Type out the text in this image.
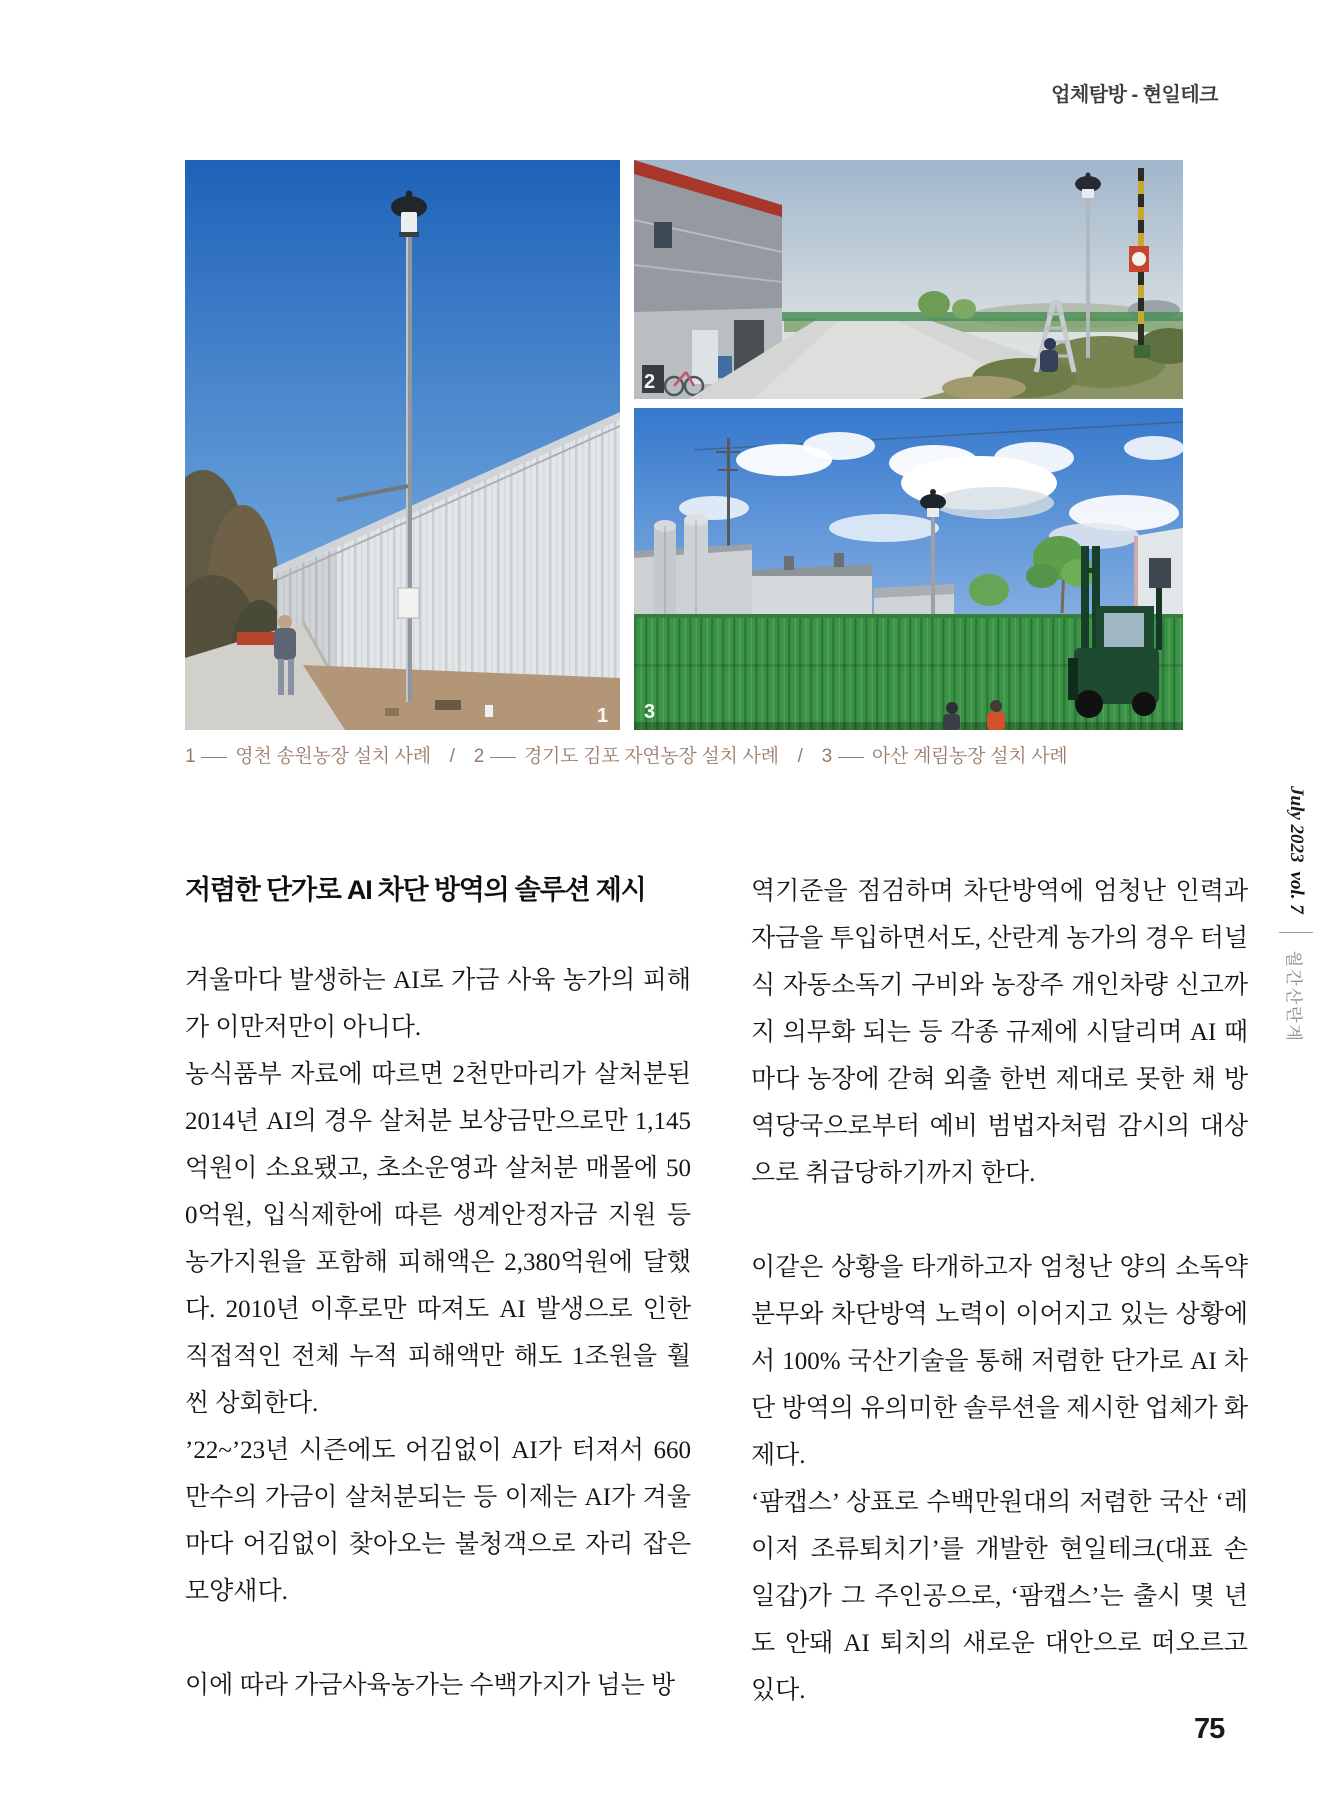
업체탐방 - 현일테크
1
2
3
1 영천 송원농장 설치 사례 / 2 경기도 김포 자연농장 설치 사례 / 3 아산 계림농장 설치 사례
July 2023
vol. 7
월간산란계
저렴한 단가로 AI 차단 방역의 솔루션 제시

겨울마다 발생하는 AI로 가금 사육 농가의 피해가 이만저만이 아니다.

농식품부 자료에 따르면 2천만마리가 살처분된 2014년 AI의 경우 살처분 보상금만으로만 1,145억원이 소요됐고, 초소운영과 살처분 매몰에 500억원, 입식제한에 따른 생계안정자금 지원 등 농가지원을 포함해 피해액은 2,380억원에 달했다. 2010년 이후로만 따져도 AI 발생으로 인한 직접적인 전체 누적 피해액만 해도 1조원을 훨씬 상회한다.

’22~’23년 시즌에도 어김없이 AI가 터져서 660만수의 가금이 살처분되는 등 이제는 AI가 겨울마다 어김없이 찾아오는 불청객으로 자리 잡은 모양새다.

이에 따라 가금사육농가는 수백가지가 넘는 방

역기준을 점검하며 차단방역에 엄청난 인력과 자금을 투입하면서도, 산란계 농가의 경우 터널식 자동소독기 구비와 농장주 개인차량 신고까지 의무화 되는 등 각종 규제에 시달리며 AI 때마다 농장에 갇혀 외출 한번 제대로 못한 채 방역당국으로부터 예비 범법자처럼 감시의 대상으로 취급당하기까지 한다.

이같은 상황을 타개하고자 엄청난 양의 소독약 분무와 차단방역 노력이 이어지고 있는 상황에서 100% 국산기술을 통해 저렴한 단가로 AI 차단 방역의 유의미한 솔루션을 제시한 업체가 화제다.

‘팜캡스’ 상표로 수백만원대의 저렴한 국산 ‘레이저 조류퇴치기’를 개발한 현일테크(대표 손일갑)가 그 주인공으로, ‘팜캡스’는 출시 몇 년도 안돼 AI 퇴치의 새로운 대안으로 떠오르고 있다.

75
